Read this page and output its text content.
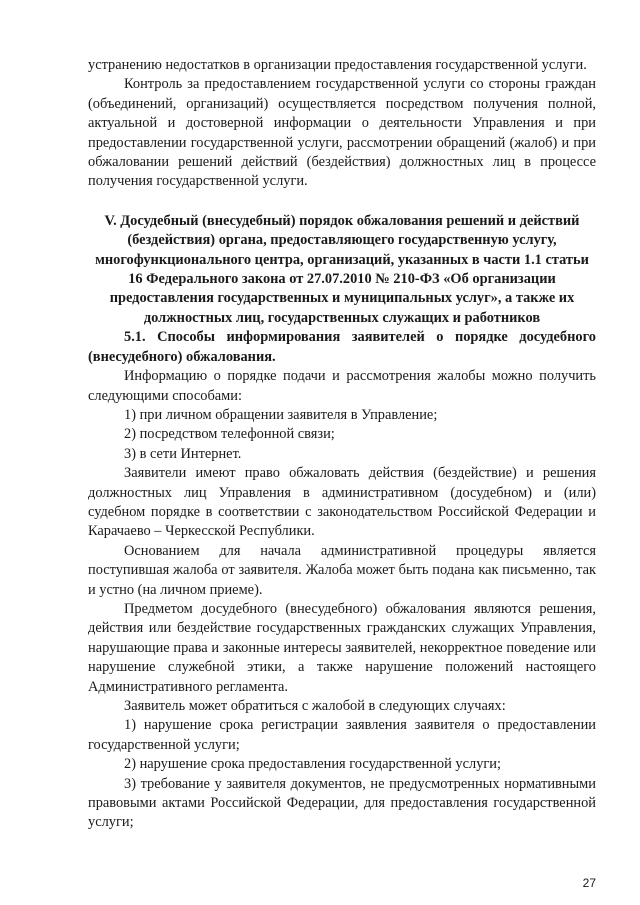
устранению недостатков в организации предоставления государственной услуги.

Контроль за предоставлением государственной услуги со стороны граждан (объединений, организаций) осуществляется посредством получения полной, актуальной и достоверной информации о деятельности Управления и при предоставлении государственной услуги, рассмотрении обращений (жалоб) и при обжаловании решений действий (бездействия) должностных лиц в процессе получения государственной услуги.

V. Досудебный (внесудебный) порядок обжалования решений и действий (бездействия) органа, предоставляющего государственную услугу, многофункционального центра, организаций, указанных в части 1.1 статьи 16 Федерального закона от 27.07.2010 № 210-ФЗ «Об организации предоставления государственных и муниципальных услуг», а также их должностных лиц, государственных служащих и работников

5.1. Способы информирования заявителей о порядке досудебного (внесудебного) обжалования.

Информацию о порядке подачи и рассмотрения жалобы можно получить следующими способами:

1) при личном обращении заявителя в Управление;

2) посредством телефонной связи;

3) в сети Интернет.

Заявители имеют право обжаловать действия (бездействие) и решения должностных лиц Управления в административном (досудебном) и (или) судебном порядке в соответствии с законодательством Российской Федерации и Карачаево – Черкесской Республики.

Основанием для начала административной процедуры является поступившая жалоба от заявителя. Жалоба может быть подана как письменно, так и устно (на личном приеме).

Предметом досудебного (внесудебного) обжалования являются решения, действия или бездействие государственных гражданских служащих Управления, нарушающие права и законные интересы заявителей, некорректное поведение или нарушение служебной этики, а также нарушение положений настоящего Административного регламента.

Заявитель может обратиться с жалобой в следующих случаях:

1) нарушение срока регистрации заявления заявителя о предоставлении государственной услуги;

2) нарушение срока предоставления государственной услуги;

3) требование у заявителя документов, не предусмотренных нормативными правовыми актами Российской Федерации, для предоставления государственной услуги;

27
